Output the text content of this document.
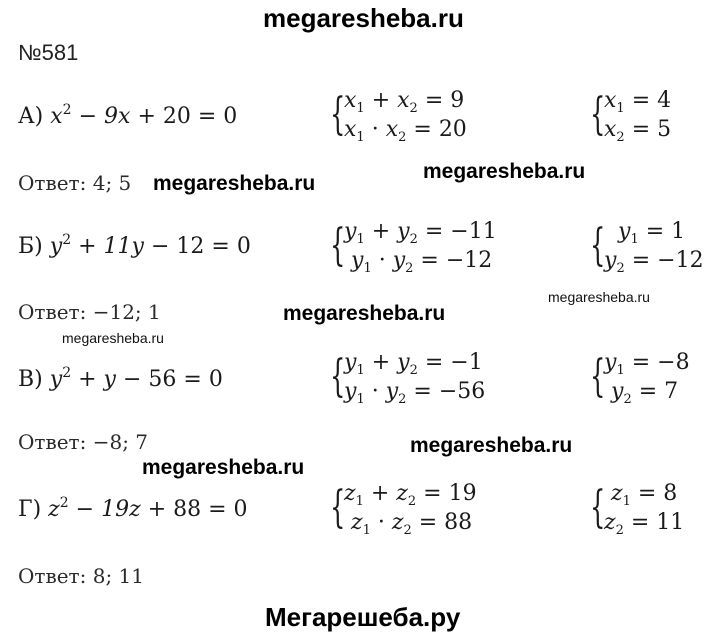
megaresheba.ru
№581
А) $x^2 - 9x + 20 = 0$ {
$x_1 + x_2 = 9$
$x_1 \cdot x_2 = 20$	{
$x_1 = 4$
$x_2 = 5$
Ответ: 4; 5 megaresheba.ru
megaresheba.ru
Б) $y^2 + 11y - 12 = 0$ {
$y_1 + y_2 = -11$
$y_1 \cdot y_2 = -12$ { $y_1 = 1$
$y_2 = -12$
megaresheba.ru
Ответ: −12; 1	megaresheba.ru
megaresheba.ru
В) $y^2 + y - 56 = 0$ {
$y_1 + y_2 = -1$
$y_1 \cdot y_2 = -56$ {
$y_1 = -8$
$y_2 = 7$
Ответ: −8; 7	megaresheba.ru
megaresheba.ru
Г) $z^2 - 19z + 88 = 0$ {
$z_1 + z_2 = 19$
$z_1 \cdot z_2 = 88$	{ $z_1 = 8$
$z_2 = 11$
Ответ: 8; 11
Мегарешеба.ру
